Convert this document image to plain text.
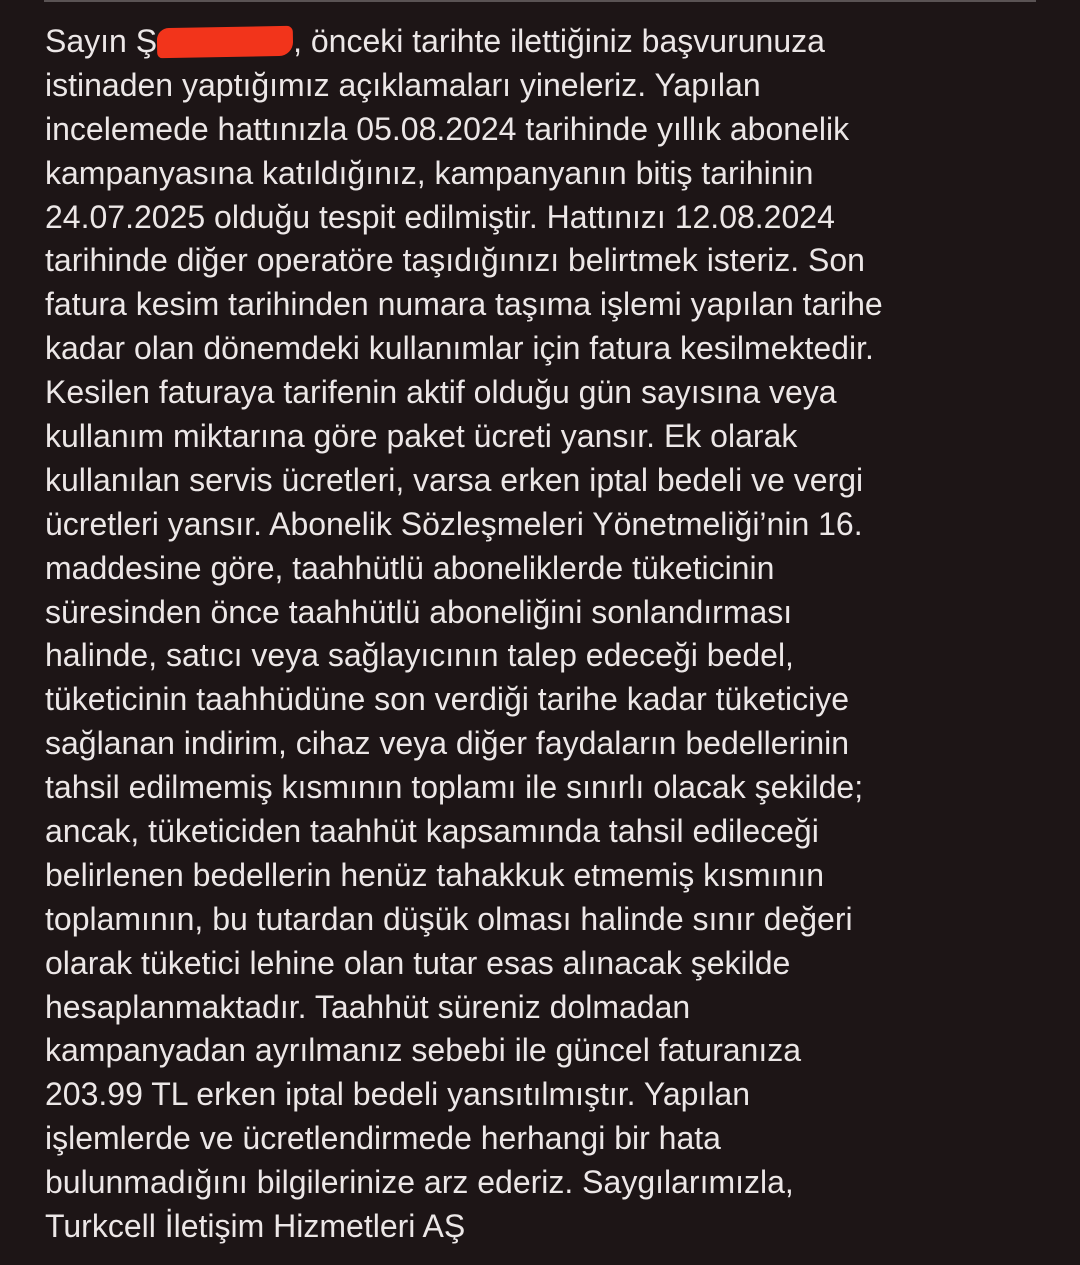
Sayın Ş	, önceki tarihte ilettiğiniz başvurunuza
istinaden yaptığımız açıklamaları yineleriz. Yapılan
incelemede hattınızla 05.08.2024 tarihinde yıllık abonelik
kampanyasına katıldığınız, kampanyanın bitiş tarihinin
24.07.2025 olduğu tespit edilmiştir. Hattınızı 12.08.2024
tarihinde diğer operatöre taşıdığınızı belirtmek isteriz. Son
fatura kesim tarihinden numara taşıma işlemi yapılan tarihe
kadar olan dönemdeki kullanımlar için fatura kesilmektedir.
Kesilen faturaya tarifenin aktif olduğu gün sayısına veya
kullanım miktarına göre paket ücreti yansır. Ek olarak
kullanılan servis ücretleri, varsa erken iptal bedeli ve vergi
ücretleri yansır. Abonelik Sözleşmeleri Yönetmeliği’nin 16.
maddesine göre, taahhütlü aboneliklerde tüketicinin
süresinden önce taahhütlü aboneliğini sonlandırması
halinde, satıcı veya sağlayıcının talep edeceği bedel,
tüketicinin taahhüdüne son verdiği tarihe kadar tüketiciye
sağlanan indirim, cihaz veya diğer faydaların bedellerinin
tahsil edilmemiş kısmının toplamı ile sınırlı olacak şekilde;
ancak, tüketiciden taahhüt kapsamında tahsil edileceği
belirlenen bedellerin henüz tahakkuk etmemiş kısmının
toplamının, bu tutardan düşük olması halinde sınır değeri
olarak tüketici lehine olan tutar esas alınacak şekilde
hesaplanmaktadır. Taahhüt süreniz dolmadan
kampanyadan ayrılmanız sebebi ile güncel faturanıza
203.99 TL erken iptal bedeli yansıtılmıştır. Yapılan
işlemlerde ve ücretlendirmede herhangi bir hata
bulunmadığını bilgilerinize arz ederiz. Saygılarımızla,
Turkcell İletişim Hizmetleri AŞ
